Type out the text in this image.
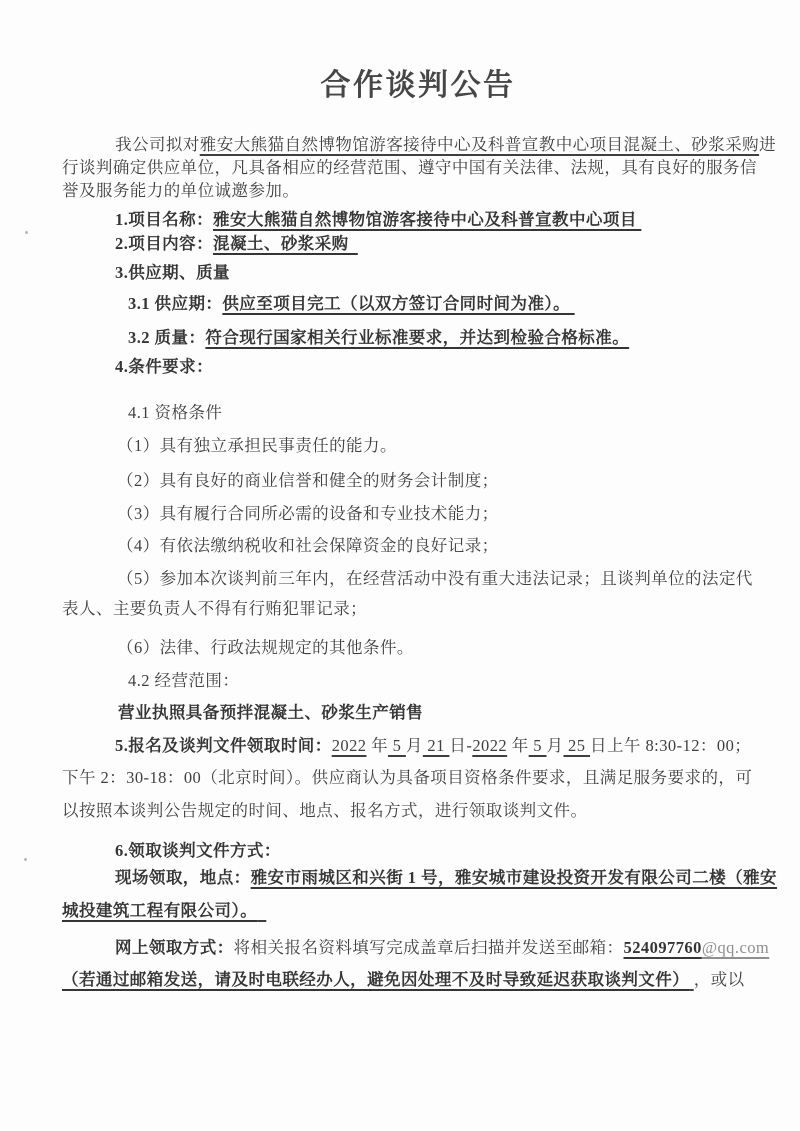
合作谈判公告
我公司拟对雅安大熊猫自然博物馆游客接待中心及科普宣教中心项目混凝土、砂浆采购进
行谈判确定供应单位，凡具备相应的经营范围、遵守中国有关法律、法规，具有良好的服务信
誉及服务能力的单位诚邀参加。
1.项目名称：雅安大熊猫自然博物馆游客接待中心及科普宣教中心项目
2.项目内容：混凝土、砂浆采购
3.供应期、质量
3.1 供应期：供应至项目完工（以双方签订合同时间为准）。
3.2 质量：符合现行国家相关行业标准要求，并达到检验合格标准。
4.条件要求：
4.1 资格条件
（1）具有独立承担民事责任的能力。
（2）具有良好的商业信誉和健全的财务会计制度；
（3）具有履行合同所必需的设备和专业技术能力；
（4）有依法缴纳税收和社会保障资金的良好记录；
（5）参加本次谈判前三年内，在经营活动中没有重大违法记录；且谈判单位的法定代
表人、主要负责人不得有行贿犯罪记录；
（6）法律、行政法规规定的其他条件。
4.2 经营范围：
营业执照具备预拌混凝土、砂浆生产销售
5.报名及谈判文件领取时间：2022 年 5 月 21 日-2022 年 5 月 25 日上午 8:30-12：00；
下午 2：30-18：00（北京时间）。供应商认为具备项目资格条件要求，且满足服务要求的，可
以按照本谈判公告规定的时间、地点、报名方式，进行领取谈判文件。
6.领取谈判文件方式：
现场领取，地点：雅安市雨城区和兴街 1 号，雅安城市建设投资开发有限公司二楼（雅安
城投建筑工程有限公司）。
网上领取方式：将相关报名资料填写完成盖章后扫描并发送至邮箱：524097760@qq.com
（若通过邮箱发送，请及时电联经办人，避免因处理不及时导致延迟获取谈判文件） ，或以
